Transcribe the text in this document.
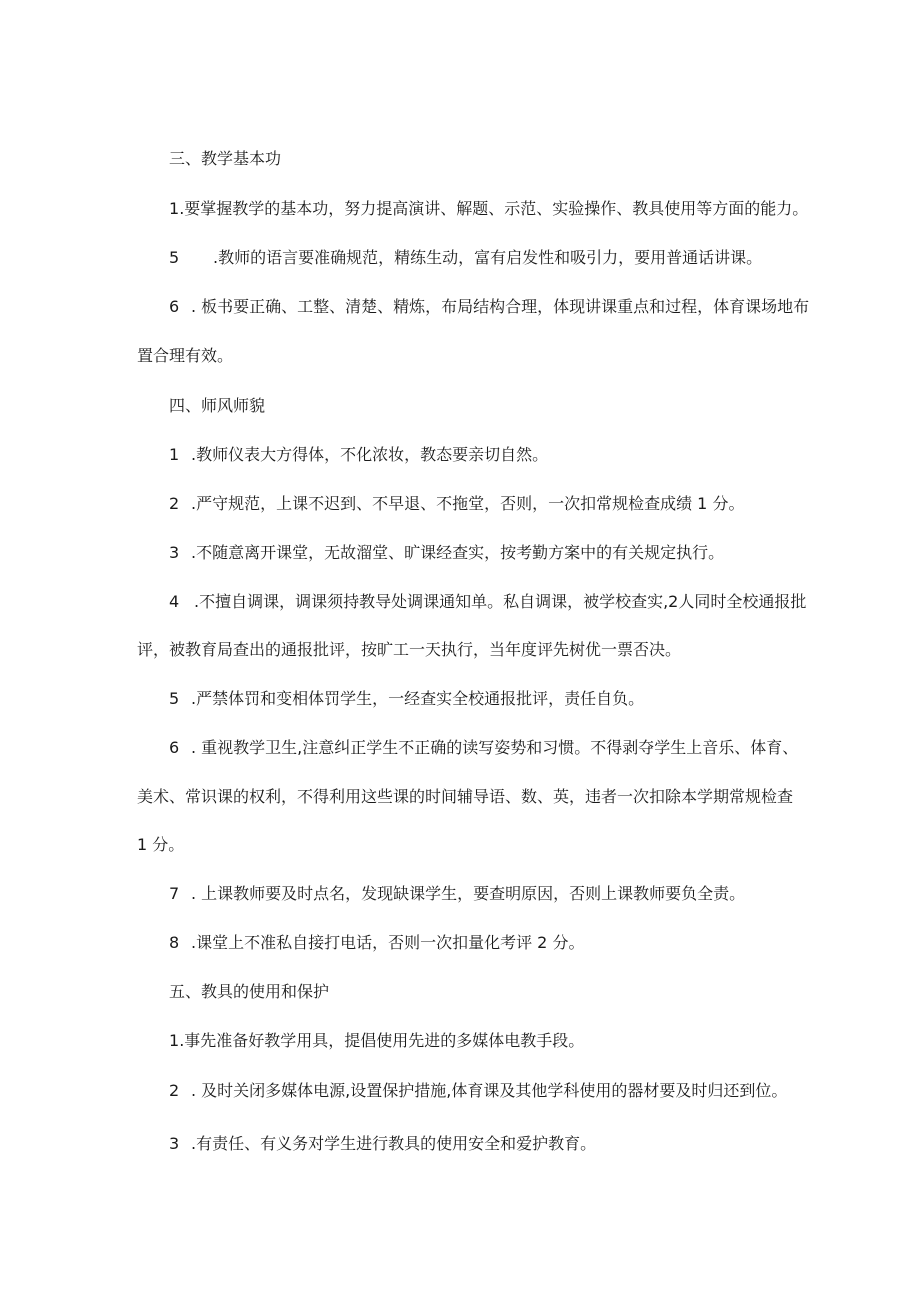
三、教学基本功
1.要掌握教学的基本功，努力提高演讲、解题、示范、实验操作、教具使用等方面的能力。
5 .教师的语言要准确规范，精练生动，富有启发性和吸引力，要用普通话讲课。
6 . 板书要正确、工整、清楚、精炼，布局结构合理，体现讲课重点和过程，体育课场地布
置合理有效。
四、师风师貌
1 .教师仪表大方得体，不化浓妆，教态要亲切自然。
2 .严守规范，上课不迟到、不早退、不拖堂，否则，一次扣常规检查成绩 1 分。
3 .不随意离开课堂，无故溜堂、旷课经查实，按考勤方案中的有关规定执行。
4 .不擅自调课，调课须持教导处调课通知单。私自调课，被学校查实,2人同时全校通报批
评，被教育局查出的通报批评，按旷工一天执行，当年度评先树优一票否决。
5 .严禁体罚和变相体罚学生，一经查实全校通报批评，责任自负。
6 . 重视教学卫生,注意纠正学生不正确的读写姿势和习惯。不得剥夺学生上音乐、体育、
美术、常识课的权利，不得利用这些课的时间辅导语、数、英，违者一次扣除本学期常规检查
1 分。
7 . 上课教师要及时点名，发现缺课学生，要查明原因，否则上课教师要负全责。
8 .课堂上不准私自接打电话，否则一次扣量化考评 2 分。
五、教具的使用和保护
1.事先准备好教学用具，提倡使用先进的多媒体电教手段。
2 . 及时关闭多媒体电源,设置保护措施,体育课及其他学科使用的器材要及时归还到位。
3 .有责任、有义务对学生进行教具的使用安全和爱护教育。
